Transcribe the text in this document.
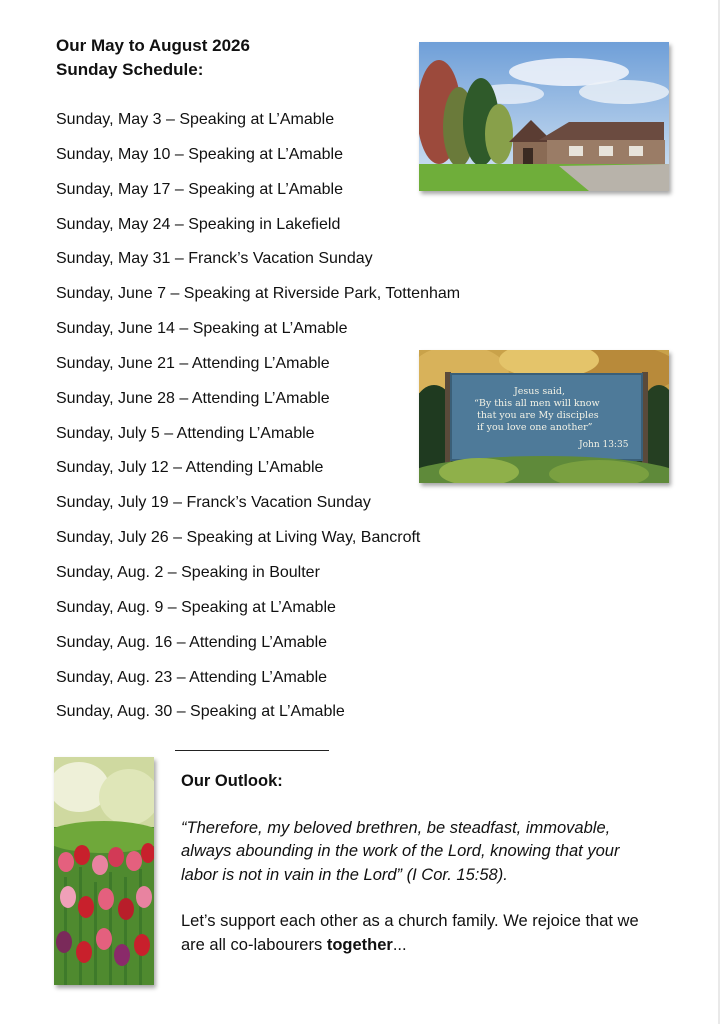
Our May to August 2026
Sunday Schedule:
Sunday, May 3 – Speaking at L’Amable
Sunday, May 10 – Speaking at L’Amable
Sunday, May 17 – Speaking at L’Amable
Sunday, May 24 – Speaking in Lakefield
Sunday, May 31 – Franck’s Vacation Sunday
Sunday, June 7 – Speaking at Riverside Park, Tottenham
Sunday, June 14 – Speaking at L’Amable
Sunday, June 21 – Attending L’Amable
Sunday, June 28 – Attending L’Amable
Sunday, July 5 – Attending L’Amable
Sunday, July 12 – Attending L’Amable
Sunday, July 19 – Franck’s Vacation Sunday
Sunday, July 26 – Speaking at Living Way, Bancroft
Sunday, Aug. 2 – Speaking in Boulter
Sunday, Aug. 9 – Speaking at L’Amable
Sunday, Aug. 16 – Attending L’Amable
Sunday, Aug. 23 – Attending L’Amable
Sunday, Aug. 30 – Speaking at L’Amable
Jesus said,
“By this all men will know
that you are My disciples
if you love one another”
John 13:35
Our Outlook:
“Therefore, my beloved brethren, be steadfast, immovable, always abounding in the work of the Lord, knowing that your labor is not in vain in the Lord” (I Cor. 15:58).
Let’s support each other as a church family. We rejoice that we are all co-labourers together...
